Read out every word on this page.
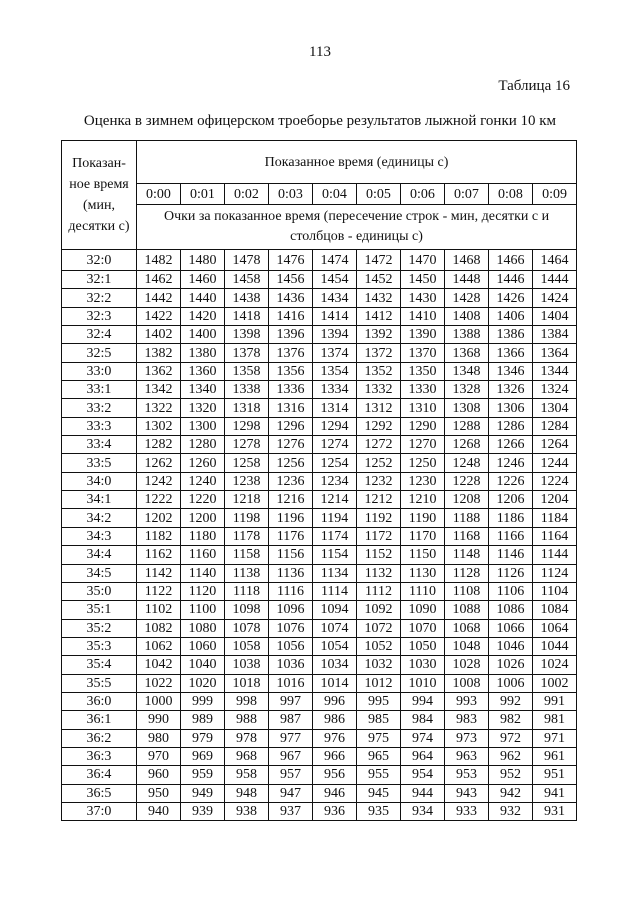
113
Таблица 16
Оценка в зимнем офицерском троеборье результатов лыжной гонки 10 км
Показан-ное время (мин, десятки с)	Показанное время (единицы с)									
	0:00	0:01	0:02	0:03	0:04	0:05	0:06	0:07	0:08	0:09
	Очки за показанное время (пересечение строк - мин, десятки с и столбцов - единицы с)									
32:0	1482	1480	1478	1476	1474	1472	1470	1468	1466	1464
32:1	1462	1460	1458	1456	1454	1452	1450	1448	1446	1444
32:2	1442	1440	1438	1436	1434	1432	1430	1428	1426	1424
32:3	1422	1420	1418	1416	1414	1412	1410	1408	1406	1404
32:4	1402	1400	1398	1396	1394	1392	1390	1388	1386	1384
32:5	1382	1380	1378	1376	1374	1372	1370	1368	1366	1364
33:0	1362	1360	1358	1356	1354	1352	1350	1348	1346	1344
33:1	1342	1340	1338	1336	1334	1332	1330	1328	1326	1324
33:2	1322	1320	1318	1316	1314	1312	1310	1308	1306	1304
33:3	1302	1300	1298	1296	1294	1292	1290	1288	1286	1284
33:4	1282	1280	1278	1276	1274	1272	1270	1268	1266	1264
33:5	1262	1260	1258	1256	1254	1252	1250	1248	1246	1244
34:0	1242	1240	1238	1236	1234	1232	1230	1228	1226	1224
34:1	1222	1220	1218	1216	1214	1212	1210	1208	1206	1204
34:2	1202	1200	1198	1196	1194	1192	1190	1188	1186	1184
34:3	1182	1180	1178	1176	1174	1172	1170	1168	1166	1164
34:4	1162	1160	1158	1156	1154	1152	1150	1148	1146	1144
34:5	1142	1140	1138	1136	1134	1132	1130	1128	1126	1124
35:0	1122	1120	1118	1116	1114	1112	1110	1108	1106	1104
35:1	1102	1100	1098	1096	1094	1092	1090	1088	1086	1084
35:2	1082	1080	1078	1076	1074	1072	1070	1068	1066	1064
35:3	1062	1060	1058	1056	1054	1052	1050	1048	1046	1044
35:4	1042	1040	1038	1036	1034	1032	1030	1028	1026	1024
35:5	1022	1020	1018	1016	1014	1012	1010	1008	1006	1002
36:0	1000	999	998	997	996	995	994	993	992	991
36:1	990	989	988	987	986	985	984	983	982	981
36:2	980	979	978	977	976	975	974	973	972	971
36:3	970	969	968	967	966	965	964	963	962	961
36:4	960	959	958	957	956	955	954	953	952	951
36:5	950	949	948	947	946	945	944	943	942	941
37:0	940	939	938	937	936	935	934	933	932	931
